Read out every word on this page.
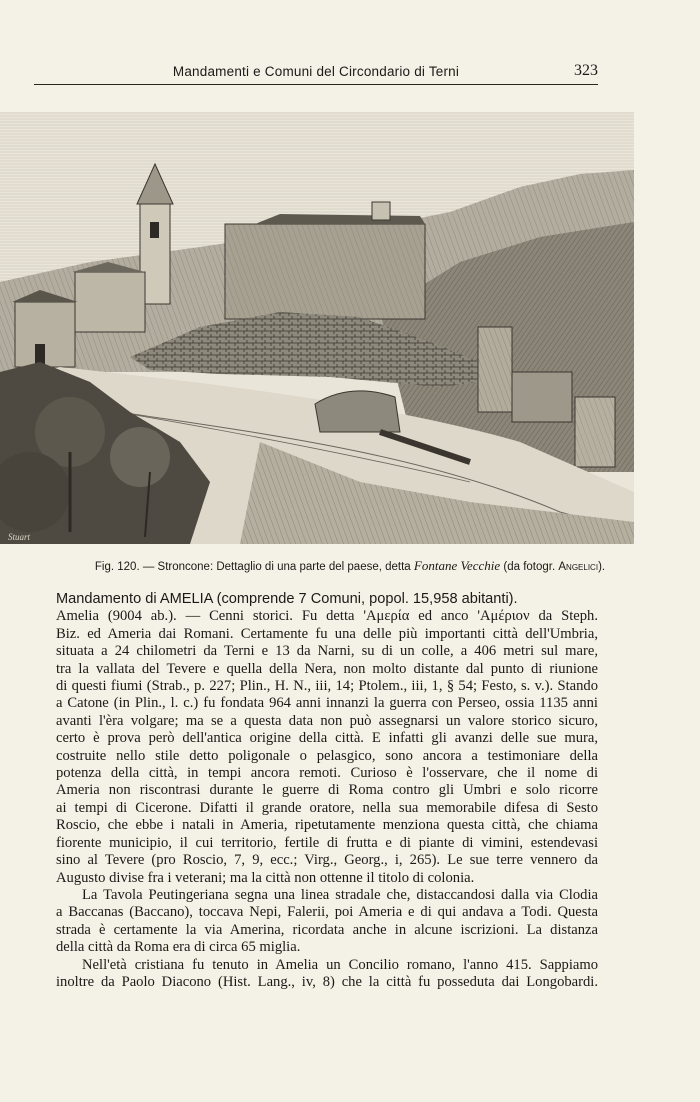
Mandamenti e Comuni del Circondario di Terni	323
Stuart
Fig. 120. — Stroncone: Dettaglio di una parte del paese, detta Fontane Vecchie (da fotogr. Angelici).
Mandamento di AMELIA (comprende 7 Comuni, popol. 15,958 abitanti).
Amelia (9004 ab.). — Cenni storici. Fu detta 'Αμερία ed anco 'Αμέριον da Steph.
Biz. ed Ameria dai Romani. Certamente fu una delle più importanti città dell'Umbria,
situata a 24 chilometri da Terni e 13 da Narni, su di un colle, a 406 metri sul mare,
tra la vallata del Tevere e quella della Nera, non molto distante dal punto di riunione
di questi fiumi (Strab., p. 227; Plin., H. N., iii, 14; Ptolem., iii, 1, § 54; Festo, s. v.). Stando
a Catone (in Plin., l. c.) fu fondata 964 anni innanzi la guerra con Perseo, ossia 1135 anni
avanti l'èra volgare; ma se a questa data non può assegnarsi un valore storico sicuro,
certo è prova però dell'antica origine della città. E infatti gli avanzi delle sue mura,
costruite nello stile detto poligonale o pelasgico, sono ancora a testimoniare della
potenza della città, in tempi ancora remoti. Curioso è l'osservare, che il nome di
Ameria non riscontrasi durante le guerre di Roma contro gli Umbri e solo ricorre
ai tempi di Cicerone. Difatti il grande oratore, nella sua memorabile difesa di Sesto
Roscio, che ebbe i natali in Ameria, ripetutamente menziona questa città, che chiama
fiorente municipio, il cui territorio, fertile di frutta e di piante di vimini, estendevasi
sino al Tevere (pro Roscio, 7, 9, ecc.; Virg., Georg., i, 265). Le sue terre vennero da
Augusto divise fra i veterani; ma la città non ottenne il titolo di colonia.
La Tavola Peutingeriana segna una linea stradale che, distaccandosi dalla via Clodia
a Baccanas (Baccano), toccava Nepi, Falerii, poi Ameria e di qui andava a Todi. Questa
strada è certamente la via Amerina, ricordata anche in alcune iscrizioni. La distanza
della città da Roma era di circa 65 miglia.
Nell'età cristiana fu tenuto in Amelia un Concilio romano, l'anno 415. Sappiamo
inoltre da Paolo Diacono (Hist. Lang., iv, 8) che la città fu posseduta dai Longobardi.
